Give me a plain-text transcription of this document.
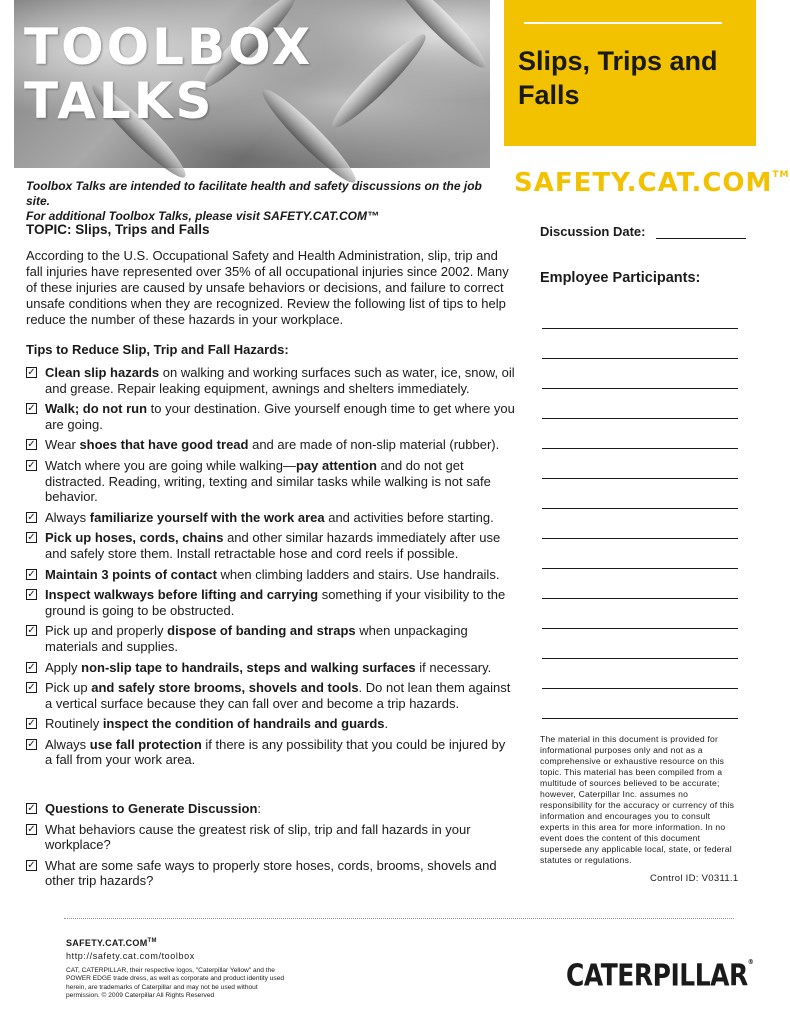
TOOLBOX
TALKS
Slips, Trips and Falls
SAFETY.CAT.COM™
Toolbox Talks are intended to facilitate health and safety discussions on the job site.
For additional Toolbox Talks, please visit SAFETY.CAT.COM™
TOPIC: Slips, Trips and Falls

According to the U.S. Occupational Safety and Health Administration, slip, trip and fall injuries have represented over 35% of all occupational injuries since 2002. Many of these injuries are caused by unsafe behaviors or decisions, and failure to correct unsafe conditions when they are recognized. Review the following list of tips to help reduce the number of these hazards in your workplace.

Tips to Reduce Slip, Trip and Fall Hazards:
✓ Clean slip hazards on walking and working surfaces such as water, ice, snow, oil and grease. Repair leaking equipment, awnings and shelters immediately.
✓ Walk; do not run to your destination. Give yourself enough time to get where you are going.
✓ Wear shoes that have good tread and are made of non-slip material (rubber).
✓ Watch where you are going while walking—pay attention and do not get distracted. Reading, writing, texting and similar tasks while walking is not safe behavior.
✓ Always familiarize yourself with the work area and activities before starting.
✓ Pick up hoses, cords, chains and other similar hazards immediately after use and safely store them. Install retractable hose and cord reels if possible.
✓ Maintain 3 points of contact when climbing ladders and stairs. Use handrails.
✓ Inspect walkways before lifting and carrying something if your visibility to the ground is going to be obstructed.
✓ Pick up and properly dispose of banding and straps when unpackaging materials and supplies.
✓ Apply non-slip tape to handrails, steps and walking surfaces if necessary.
✓ Pick up and safely store brooms, shovels and tools. Do not lean them against a vertical surface because they can fall over and become a trip hazards.
✓ Routinely inspect the condition of handrails and guards.
✓ Always use fall protection if there is any possibility that you could be injured by a fall from your work area.
✓ Questions to Generate Discussion:
✓ What behaviors cause the greatest risk of slip, trip and fall hazards in your workplace?
✓ What are some safe ways to properly store hoses, cords, brooms, shovels and other trip hazards?
Discussion Date:
Employee Participants:
The material in this document is provided for informational purposes only and not as a comprehensive or exhaustive resource on this topic. This material has been compiled from a multitude of sources believed to be accurate; however, Caterpillar Inc. assumes no responsibility for the accuracy or currency of this information and encourages you to consult experts in this area for more information. In no event does the content of this document supersede any applicable local, state, or federal statutes or regulations.
Control ID: V0311.1
SAFETY.CAT.COM™
http://safety.cat.com/toolbox
CAT, CATERPILLAR, their respective logos, "Caterpillar Yellow" and the POWER EDGE trade dress, as well as corporate and product identity used herein, are trademarks of Caterpillar and may not be used without permission. © 2009 Caterpillar All Rights Reserved
CATERPILLAR®
